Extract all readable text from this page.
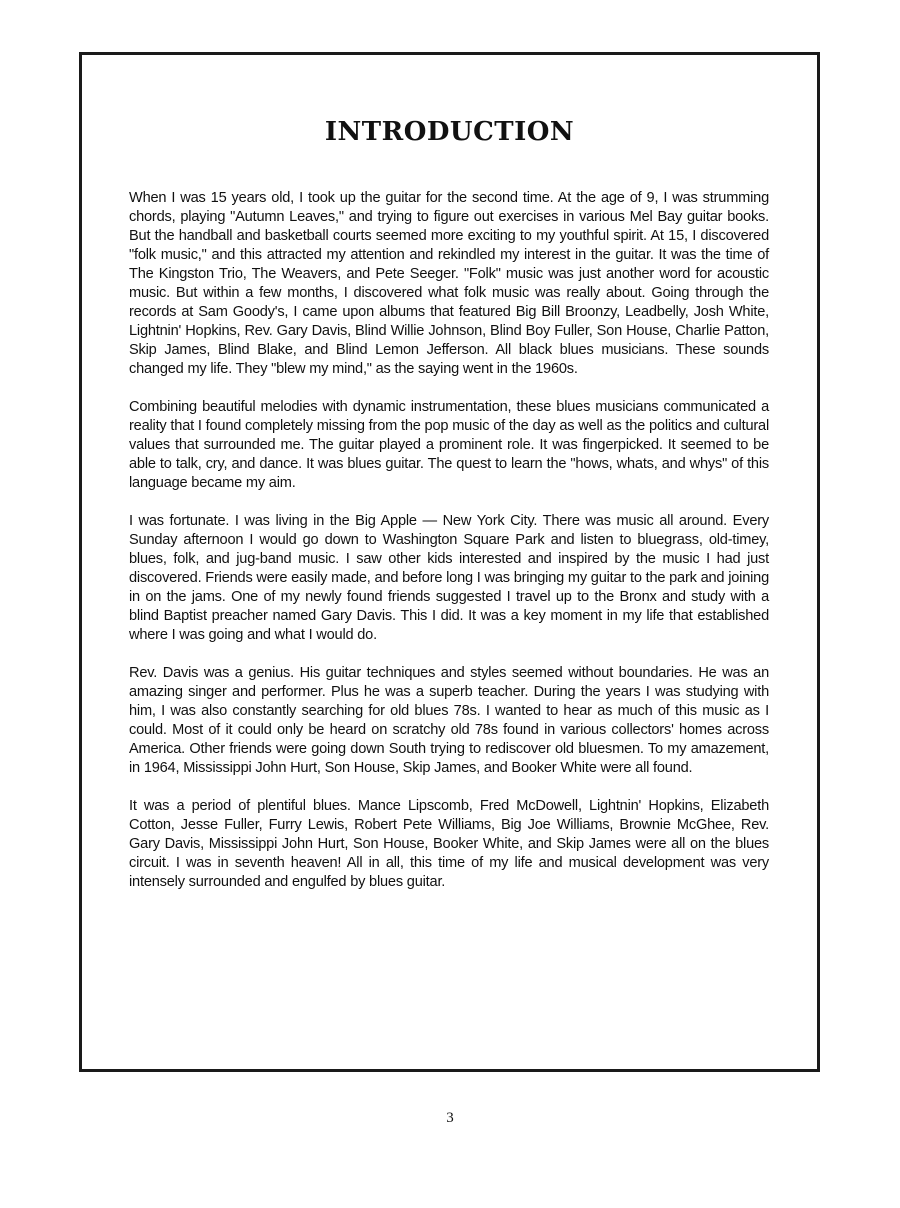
INTRODUCTION

When I was 15 years old, I took up the guitar for the second time. At the age of 9, I was strumming chords, playing "Autumn Leaves," and trying to figure out exercises in various Mel Bay guitar books. But the handball and basketball courts seemed more exciting to my youthful spirit. At 15, I discovered "folk music," and this attracted my attention and rekindled my interest in the guitar. It was the time of The Kingston Trio, The Weavers, and Pete Seeger. "Folk" music was just another word for acoustic music. But within a few months, I discovered what folk music was really about. Going through the records at Sam Goody's, I came upon albums that featured Big Bill Broonzy, Leadbelly, Josh White, Lightnin' Hopkins, Rev. Gary Davis, Blind Willie Johnson, Blind Boy Fuller, Son House, Charlie Patton, Skip James, Blind Blake, and Blind Lemon Jefferson. All black blues musicians. These sounds changed my life. They "blew my mind," as the saying went in the 1960s.

Combining beautiful melodies with dynamic instrumentation, these blues musicians communicated a reality that I found completely missing from the pop music of the day as well as the politics and cultural values that surrounded me. The guitar played a prominent role. It was fingerpicked. It seemed to be able to talk, cry, and dance. It was blues guitar. The quest to learn the "hows, whats, and whys" of this language became my aim.

I was fortunate. I was living in the Big Apple — New York City. There was music all around. Every Sunday afternoon I would go down to Washington Square Park and listen to bluegrass, old-timey, blues, folk, and jug-band music. I saw other kids interested and inspired by the music I had just discovered. Friends were easily made, and before long I was bringing my guitar to the park and joining in on the jams. One of my newly found friends suggested I travel up to the Bronx and study with a blind Baptist preacher named Gary Davis. This I did. It was a key moment in my life that established where I was going and what I would do.

Rev. Davis was a genius. His guitar techniques and styles seemed without boundaries. He was an amazing singer and performer. Plus he was a superb teacher. During the years I was studying with him, I was also constantly searching for old blues 78s. I wanted to hear as much of this music as I could. Most of it could only be heard on scratchy old 78s found in various collectors' homes across America. Other friends were going down South trying to rediscover old bluesmen. To my amazement, in 1964, Mississippi John Hurt, Son House, Skip James, and Booker White were all found.

It was a period of plentiful blues. Mance Lipscomb, Fred McDowell, Lightnin' Hopkins, Elizabeth Cotton, Jesse Fuller, Furry Lewis, Robert Pete Williams, Big Joe Williams, Brownie McGhee, Rev. Gary Davis, Mississippi John Hurt, Son House, Booker White, and Skip James were all on the blues circuit. I was in seventh heaven! All in all, this time of my life and musical development was very intensely surrounded and engulfed by blues guitar.

3
